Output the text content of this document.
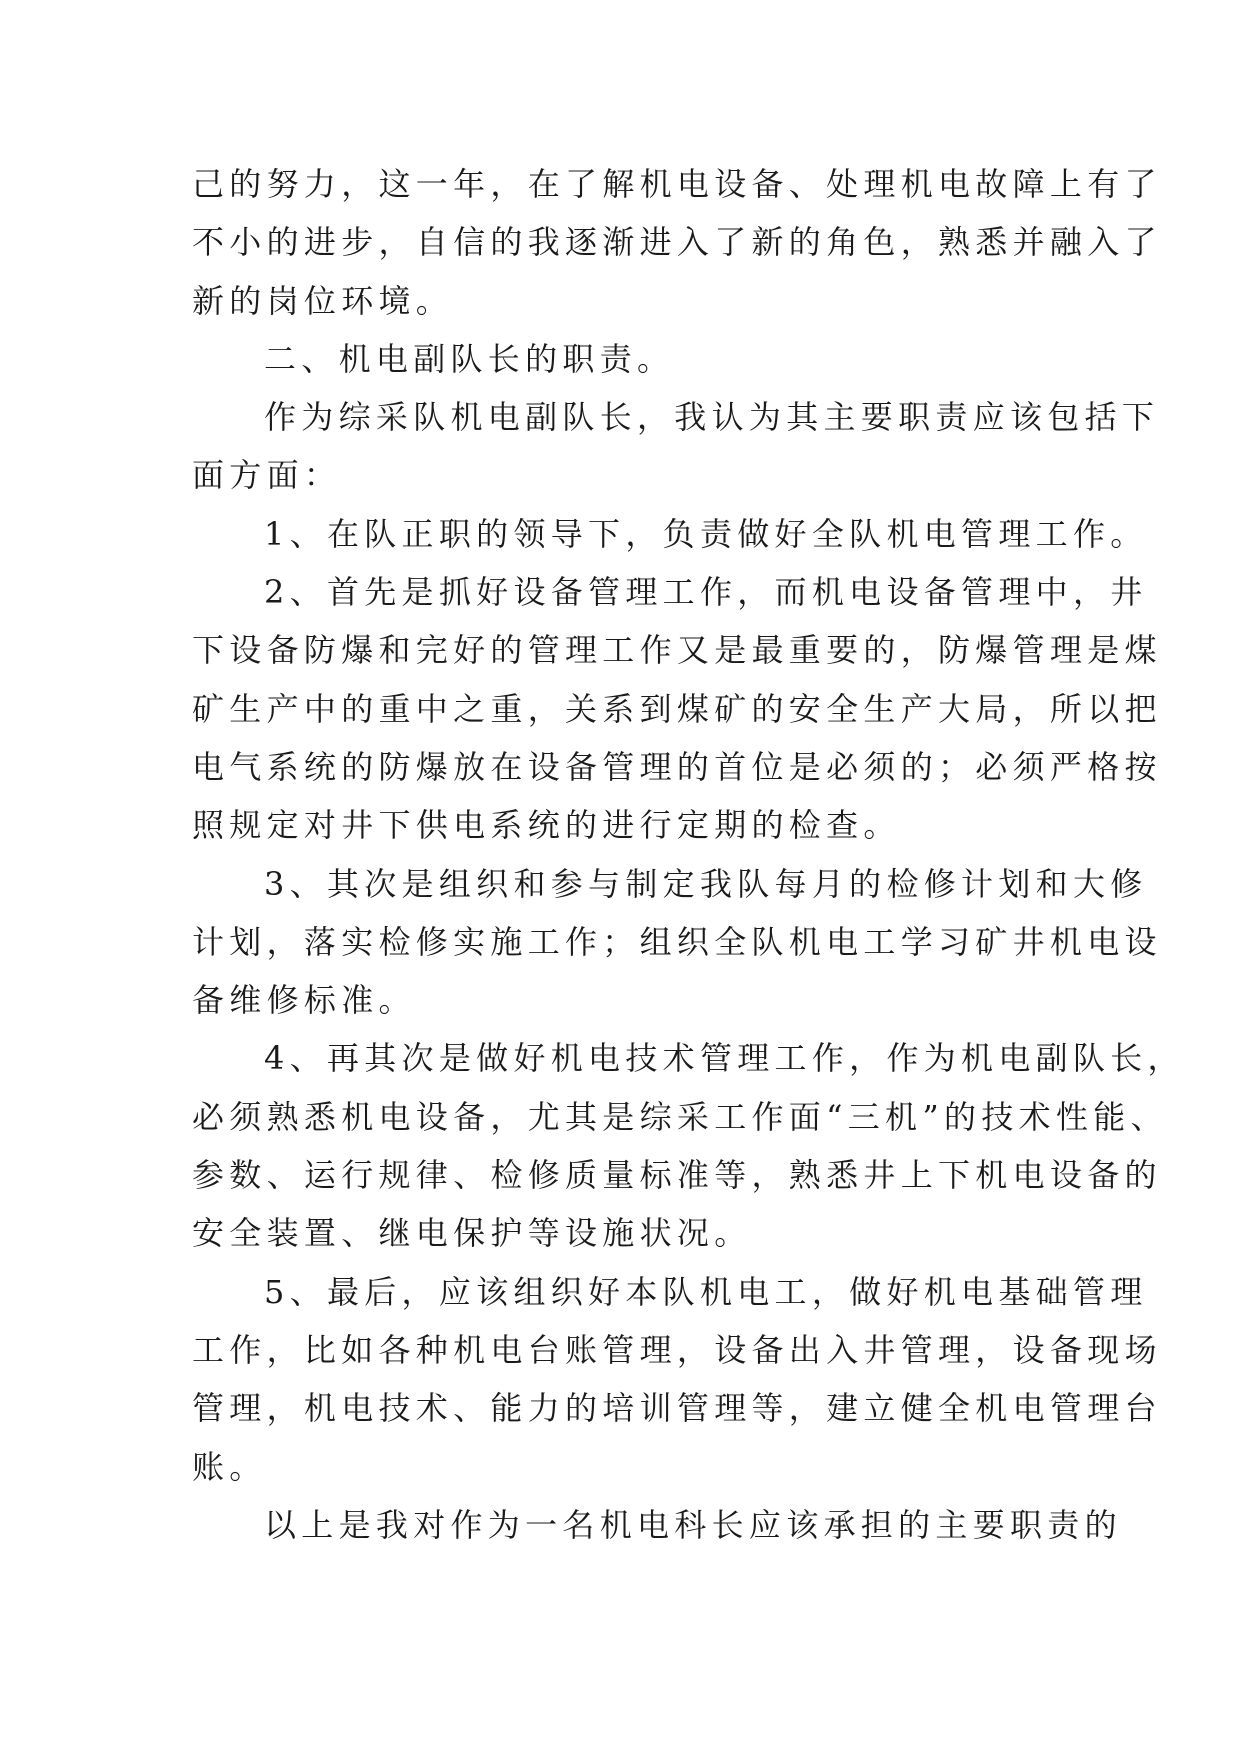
己的努力，这一年，在了解机电设备、处理机电故障上有了
不小的进步，自信的我逐渐进入了新的角色，熟悉并融入了
新的岗位环境。
二、机电副队长的职责。
作为综采队机电副队长，我认为其主要职责应该包括下
面方面：
1、在队正职的领导下，负责做好全队机电管理工作。
2、首先是抓好设备管理工作，而机电设备管理中，井
下设备防爆和完好的管理工作又是最重要的，防爆管理是煤
矿生产中的重中之重，关系到煤矿的安全生产大局，所以把
电气系统的防爆放在设备管理的首位是必须的；必须严格按
照规定对井下供电系统的进行定期的检查。
3、其次是组织和参与制定我队每月的检修计划和大修
计划，落实检修实施工作；组织全队机电工学习矿井机电设
备维修标准。
4、再其次是做好机电技术管理工作，作为机电副队长，
必须熟悉机电设备，尤其是综采工作面“三机”的技术性能、
参数、运行规律、检修质量标准等，熟悉井上下机电设备的
安全装置、继电保护等设施状况。
5、最后，应该组织好本队机电工，做好机电基础管理
工作，比如各种机电台账管理，设备出入井管理，设备现场
管理，机电技术、能力的培训管理等，建立健全机电管理台
账。
以上是我对作为一名机电科长应该承担的主要职责的
